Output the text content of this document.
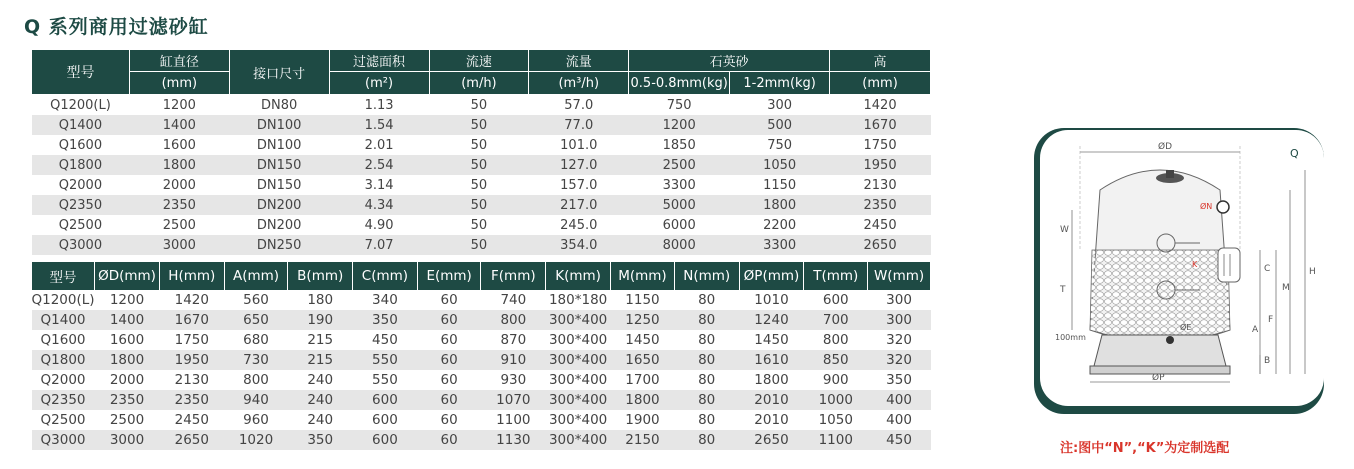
Q 系列商用过滤砂缸
型号	缸直径	接口尺寸	过滤面积	流速	流量	石英砂		高
	(mm)		(m²)	(m/h)	(m³/h)	0.5-0.8mm(kg)	1-2mm(kg)	(mm)
Q1200(L)	1200	DN80	1.13	50	57.0	750	300	1420
Q1400	1400	DN100	1.54	50	77.0	1200	500	1670
Q1600	1600	DN100	2.01	50	101.0	1850	750	1750
Q1800	1800	DN150	2.54	50	127.0	2500	1050	1950
Q2000	2000	DN150	3.14	50	157.0	3300	1150	2130
Q2350	2350	DN200	4.34	50	217.0	5000	1800	2350
Q2500	2500	DN200	4.90	50	245.0	6000	2200	2450
Q3000	3000	DN250	7.07	50	354.0	8000	3300	2650
型号	ØD(mm)	H(mm)	A(mm)	B(mm)	C(mm)	E(mm)	F(mm)	K(mm)	M(mm)	N(mm)	ØP(mm)	T(mm)	W(mm)
Q1200(L)	1200	1420	560	180	340	60	740	180*180	1150	80	1010	600	300
Q1400	1400	1670	650	190	350	60	800	300*400	1250	80	1240	700	300
Q1600	1600	1750	680	215	450	60	870	300*400	1450	80	1450	800	320
Q1800	1800	1950	730	215	550	60	910	300*400	1650	80	1610	850	320
Q2000	2000	2130	800	240	550	60	930	300*400	1700	80	1800	900	350
Q2350	2350	2350	940	240	600	60	1070	300*400	1800	80	2010	1000	400
Q2500	2500	2450	960	240	600	60	1100	300*400	1900	80	2010	1050	400
Q3000	3000	2650	1020	350	600	60	1130	300*400	2150	80	2650	1100	450
ØD	Q
ØN
K
ØP
ØE
W
T
100mm
H
M
F
A
C
B
注:图中“N”,“K”为定制选配
